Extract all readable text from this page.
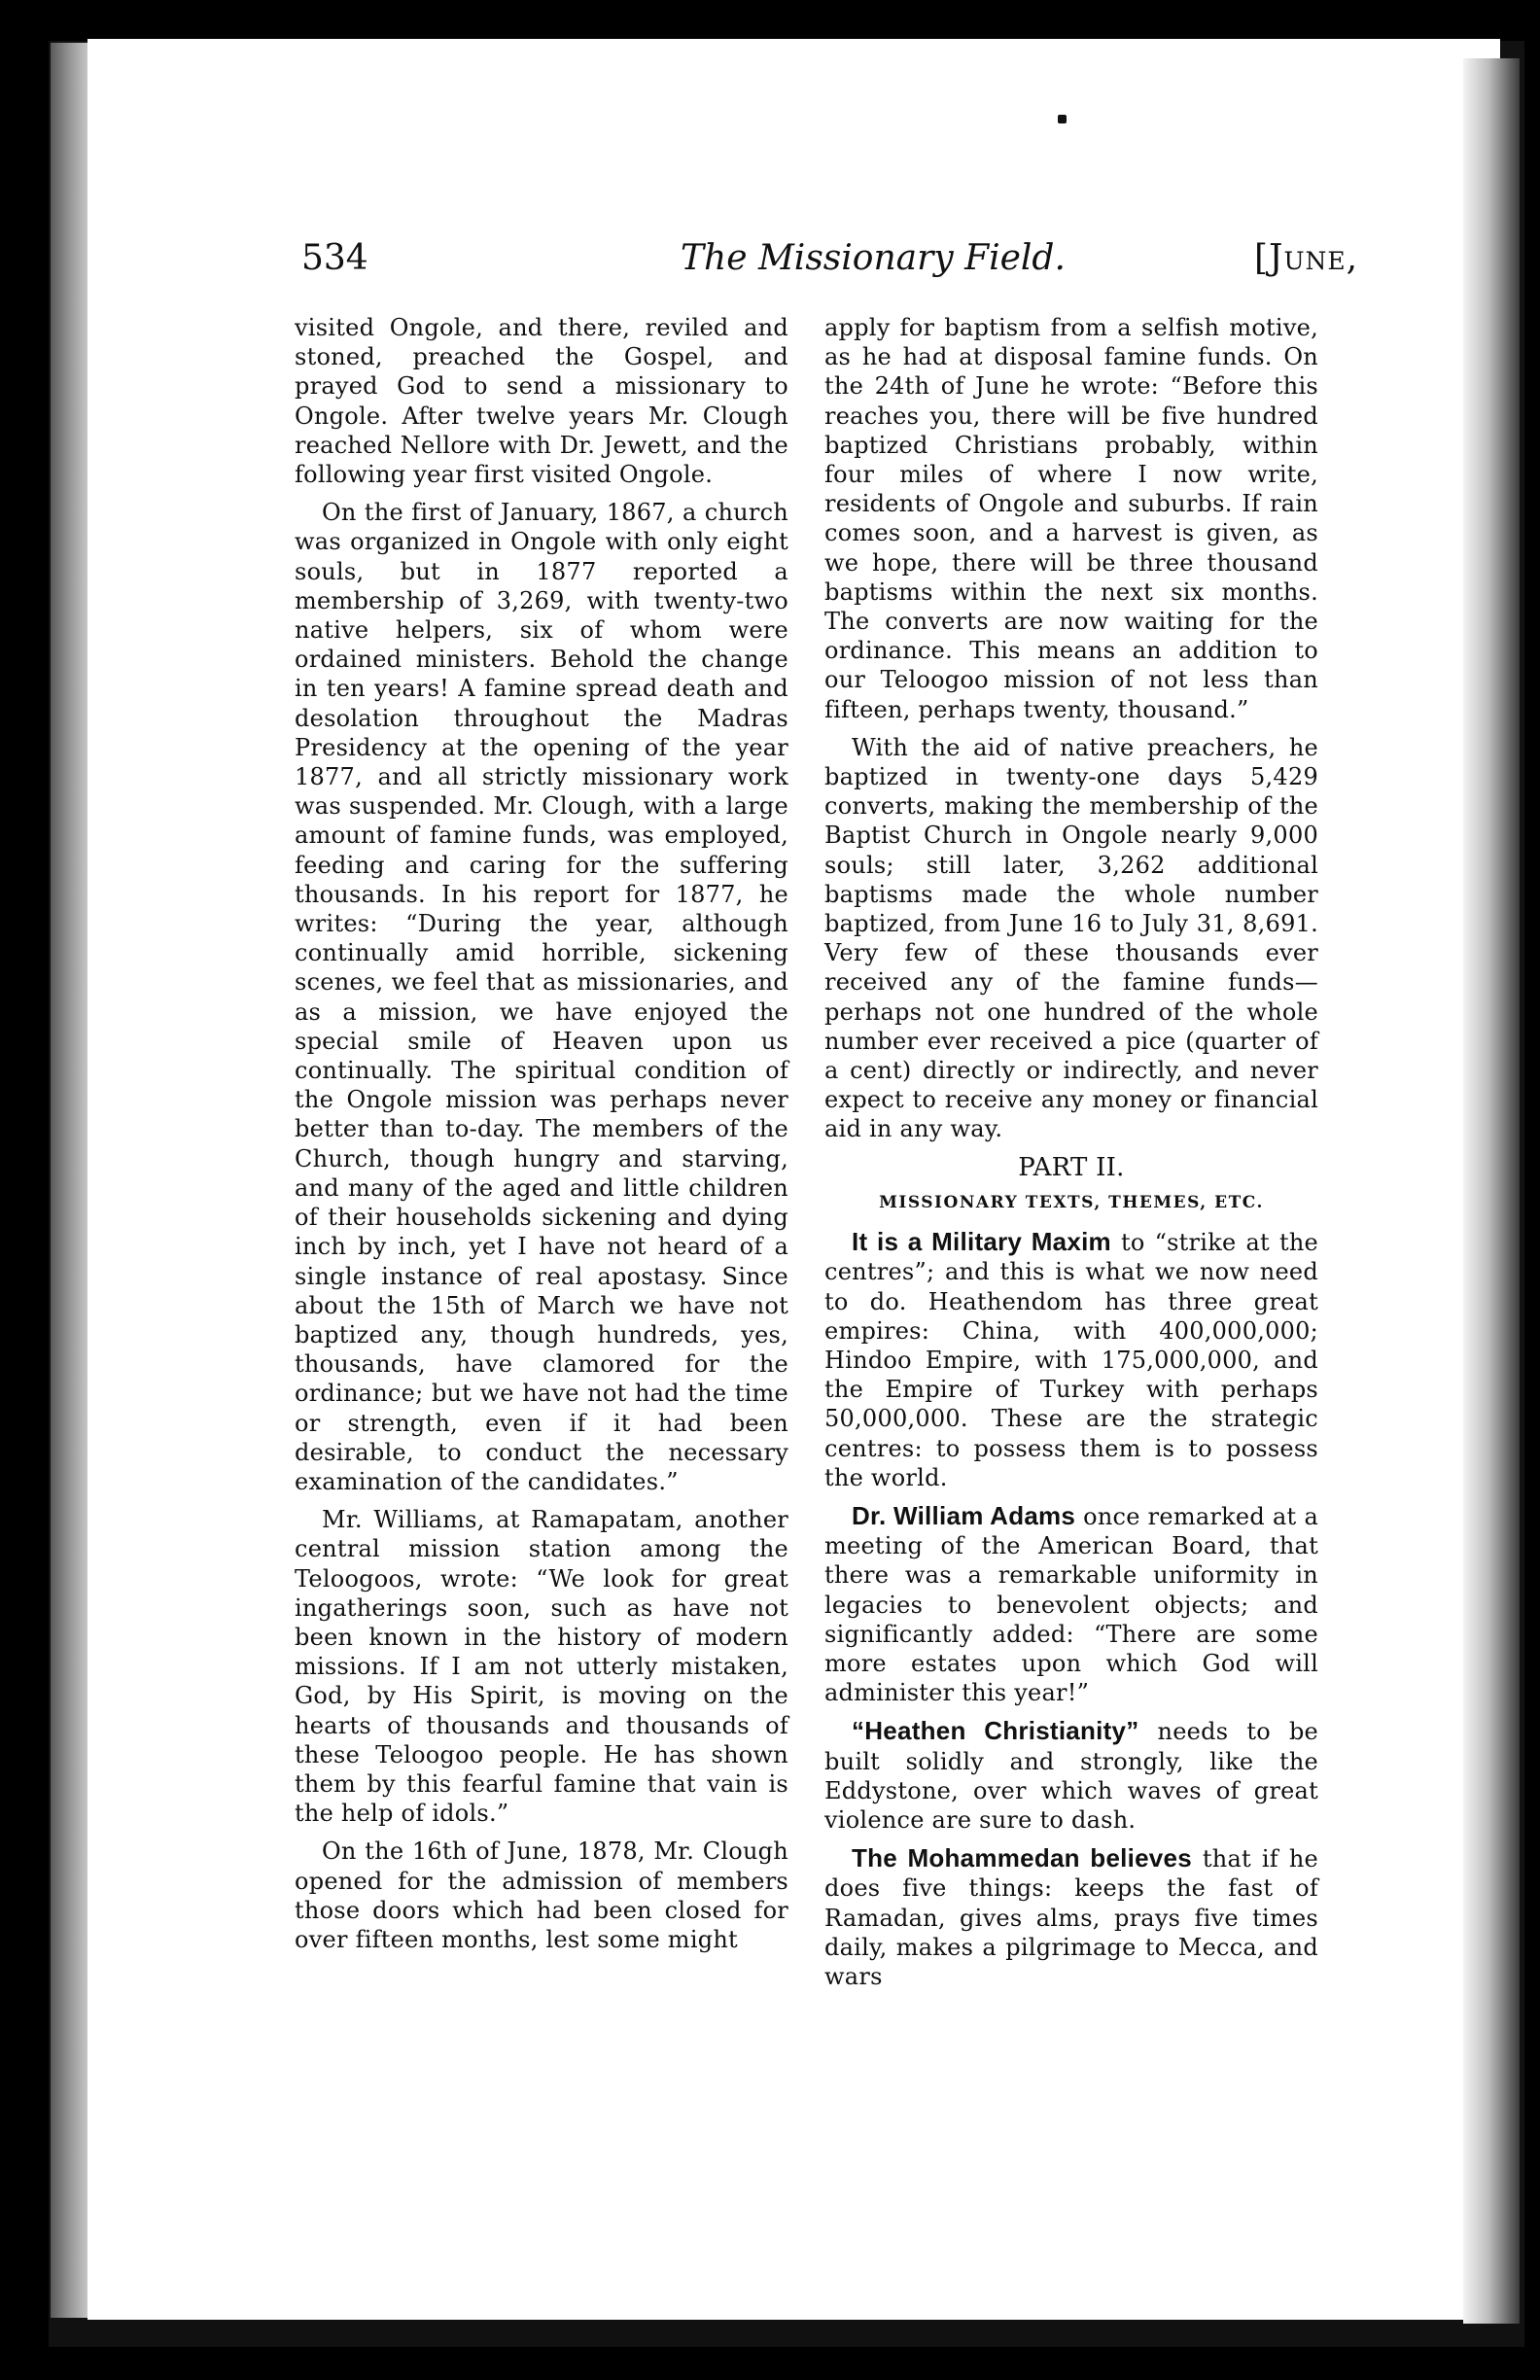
534	The Missionary Field.	[June,

visited Ongole, and there, reviled and stoned, preached the Gospel, and prayed God to send a missionary to Ongole. After twelve years Mr. Clough reached Nellore with Dr. Jewett, and the following year first visited Ongole.

On the first of January, 1867, a church was organized in Ongole with only eight souls, but in 1877 reported a membership of 3,269, with twenty-two native helpers, six of whom were ordained ministers. Behold the change in ten years! A famine spread death and desolation throughout the Madras Presidency at the opening of the year 1877, and all strictly missionary work was suspended. Mr. Clough, with a large amount of famine funds, was employed, feeding and caring for the suffering thousands. In his report for 1877, he writes: “During the year, although continually amid horrible, sickening scenes, we feel that as missionaries, and as a mission, we have enjoyed the special smile of Heaven upon us continually. The spiritual condition of the Ongole mission was perhaps never better than to-day. The members of the Church, though hungry and starving, and many of the aged and little children of their households sickening and dying inch by inch, yet I have not heard of a single instance of real apostasy. Since about the 15th of March we have not baptized any, though hundreds, yes, thousands, have clamored for the ordinance; but we have not had the time or strength, even if it had been desirable, to conduct the necessary examination of the candidates.”

Mr. Williams, at Ramapatam, another central mission station among the Teloogoos, wrote: “We look for great ingatherings soon, such as have not been known in the history of modern missions. If I am not utterly mistaken, God, by His Spirit, is moving on the hearts of thousands and thousands of these Teloogoo people. He has shown them by this fearful famine that vain is the help of idols.”

On the 16th of June, 1878, Mr. Clough opened for the admission of members those doors which had been closed for over fifteen months, lest some might

apply for baptism from a selfish motive, as he had at disposal famine funds. On the 24th of June he wrote: “Before this reaches you, there will be five hundred baptized Christians probably, within four miles of where I now write, residents of Ongole and suburbs. If rain comes soon, and a harvest is given, as we hope, there will be three thousand baptisms within the next six months. The converts are now waiting for the ordinance. This means an addition to our Teloogoo mission of not less than fifteen, perhaps twenty, thousand.”

With the aid of native preachers, he baptized in twenty-one days 5,429 converts, making the membership of the Baptist Church in Ongole nearly 9,000 souls; still later, 3,262 additional baptisms made the whole number baptized, from June 16 to July 31, 8,691. Very few of these thousands ever received any of the famine funds—perhaps not one hundred of the whole number ever received a pice (quarter of a cent) directly or indirectly, and never expect to receive any money or financial aid in any way.

PART II.
MISSIONARY TEXTS, THEMES, ETC.

It is a Military Maxim to “strike at the centres”; and this is what we now need to do. Heathendom has three great empires: China, with 400,000,000; Hindoo Empire, with 175,000,000, and the Empire of Turkey with perhaps 50,000,000. These are the strategic centres: to possess them is to possess the world.

Dr. William Adams once remarked at a meeting of the American Board, that there was a remarkable uniformity in legacies to benevolent objects; and significantly added: “There are some more estates upon which God will administer this year!”

“Heathen Christianity” needs to be built solidly and strongly, like the Eddystone, over which waves of great violence are sure to dash.

The Mohammedan believes that if he does five things: keeps the fast of Ramadan, gives alms, prays five times daily, makes a pilgrimage to Mecca, and wars
